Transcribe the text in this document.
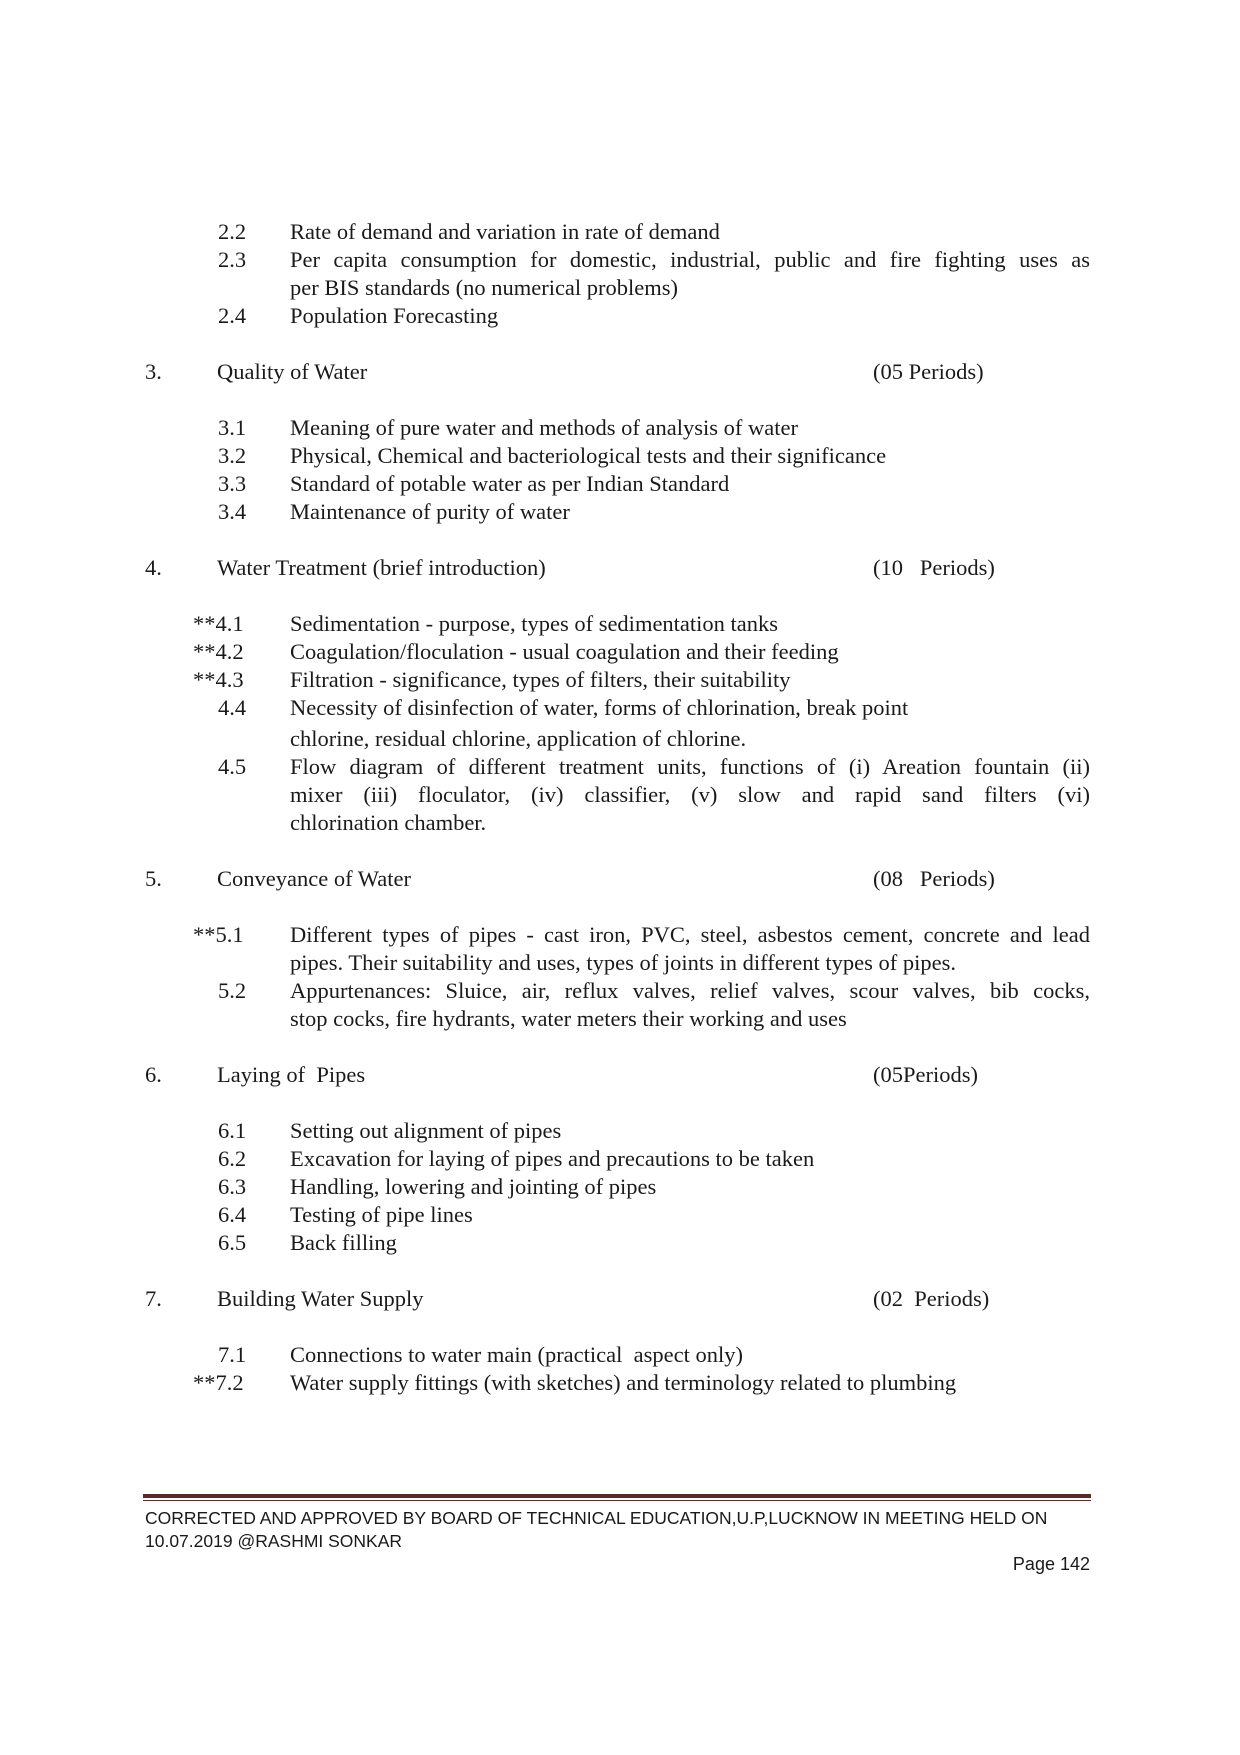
2.2 Rate of demand and variation in rate of demand
2.3 Per capita consumption for domestic, industrial, public and fire fighting uses as
per BIS standards (no numerical problems)
2.4 Population Forecasting
3. Quality of Water	(05 Periods)
3.1 Meaning of pure water and methods of analysis of water
3.2 Physical, Chemical and bacteriological tests and their significance
3.3 Standard of potable water as per Indian Standard
3.4 Maintenance of purity of water
4. Water Treatment (brief introduction)	(10   Periods)
**4.1 Sedimentation - purpose, types of sedimentation tanks
**4.2 Coagulation/floculation - usual coagulation and their feeding
**4.3 Filtration - significance, types of filters, their suitability
4.4 Necessity of disinfection of water, forms of chlorination, break point
chlorine, residual chlorine, application of chlorine.
4.5 Flow diagram of different treatment units, functions of (i) Areation fountain (ii)
mixer (iii) floculator, (iv) classifier, (v) slow and rapid sand filters (vi)
chlorination chamber.
5. Conveyance of Water	(08   Periods)
**5.1 Different types of pipes - cast iron, PVC, steel, asbestos cement, concrete and lead
pipes. Their suitability and uses, types of joints in different types of pipes.
5.2 Appurtenances: Sluice, air, reflux valves, relief valves, scour valves, bib cocks,
stop cocks, fire hydrants, water meters their working and uses
6. Laying of  Pipes	(05Periods)
6.1 Setting out alignment of pipes
6.2 Excavation for laying of pipes and precautions to be taken
6.3 Handling, lowering and jointing of pipes
6.4 Testing of pipe lines
6.5 Back filling
7. Building Water Supply	(02  Periods)
7.1 Connections to water main (practical  aspect only)
**7.2 Water supply fittings (with sketches) and terminology related to plumbing
CORRECTED AND APPROVED BY BOARD OF TECHNICAL EDUCATION,U.P,LUCKNOW IN MEETING HELD ON
10.07.2019 @RASHMI SONKAR
Page 142
